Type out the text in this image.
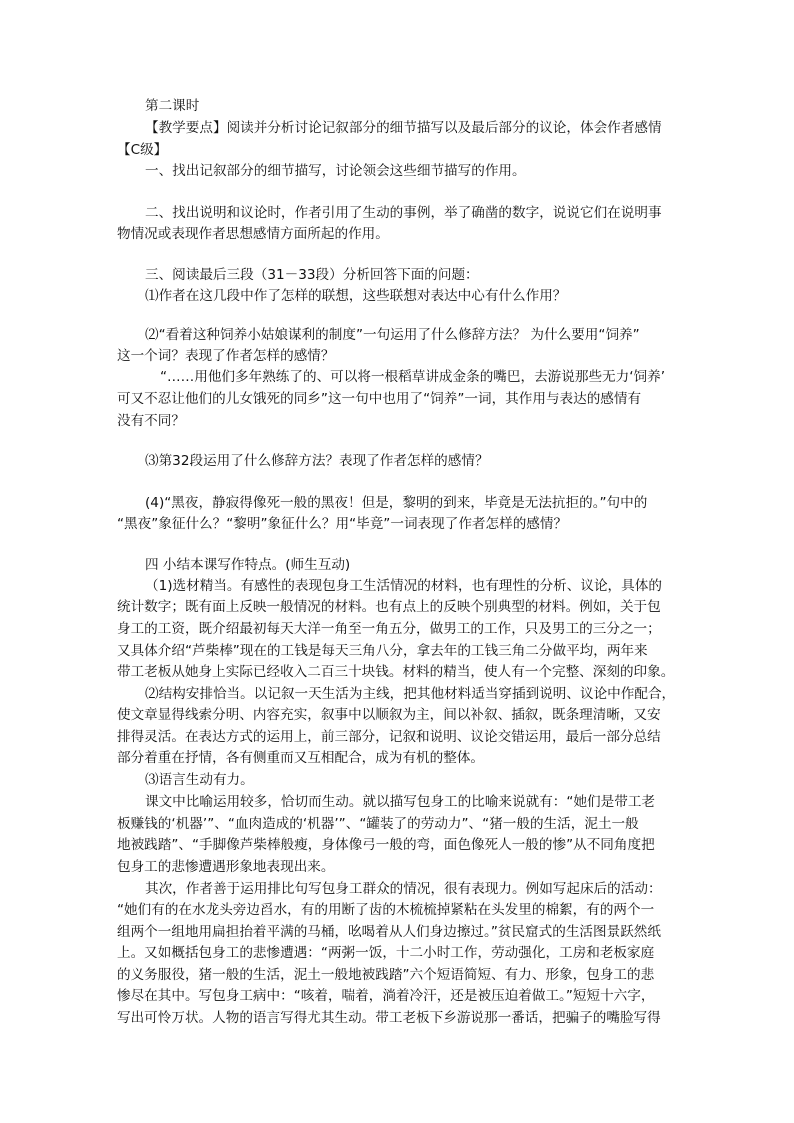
第二课时
【教学要点】阅读并分析讨论记叙部分的细节描写以及最后部分的议论，体会作者感情
【C级】
一、找出记叙部分的细节描写，讨论领会这些细节描写的作用。
二、找出说明和议论时，作者引用了生动的事例，举了确凿的数字，说说它们在说明事
物情况或表现作者思想感情方面所起的作用。
三、阅读最后三段（31－33段）分析回答下面的问题：
⑴作者在这几段中作了怎样的联想，这些联想对表达中心有什么作用？
⑵“看着这种饲养小姑娘谋利的制度”一句运用了什么修辞方法？ 为什么要用“饲养”
这一个词？表现了作者怎样的感情？
“……用他们多年熟练了的、可以将一根稻草讲成金条的嘴巴，去游说那些无力‘饲养’
可又不忍让他们的儿女饿死的同乡”这一句中也用了“饲养”一词，其作用与表达的感情有
没有不同？
⑶第32段运用了什么修辞方法？表现了作者怎样的感情？
(4)“黑夜，静寂得像死一般的黑夜！但是，黎明的到来，毕竟是无法抗拒的。”句中的
“黑夜”象征什么？“黎明”象征什么？用“毕竟”一词表现了作者怎样的感情？
四 小结本课写作特点。(师生互动)
（1)选材精当。有感性的表现包身工生活情况的材料，也有理性的分析、议论，具体的
统计数字；既有面上反映一般情况的材料。也有点上的反映个别典型的材料。例如，关于包
身工的工资，既介绍最初每天大洋一角至一角五分，做男工的工作，只及男工的三分之一；
又具体介绍“芦柴棒”现在的工钱是每天三角八分，拿去年的工钱三角二分做平均，两年来
带工老板从她身上实际已经收入二百三十块钱。材料的精当，使人有一个完整、深刻的印象。
⑵结构安排恰当。以记叙一天生活为主线，把其他材料适当穿插到说明、议论中作配合，
使文章显得线索分明、内容充实，叙事中以顺叙为主，间以补叙、插叙，既条理清晰，又安
排得灵活。在表达方式的运用上，前三部分，记叙和说明、议论交错运用，最后一部分总结
部分着重在抒情，各有侧重而又互相配合，成为有机的整体。
⑶语言生动有力。
课文中比喻运用较多，恰切而生动。就以描写包身工的比喻来说就有：“她们是带工老
板赚钱的‘机器’”、“血肉造成的‘机器’”、“罐装了的劳动力”、“猪一般的生活，泥土一般
地被践踏”、“手脚像芦柴棒般瘦，身体像弓一般的弯，面色像死人一般的惨”从不同角度把
包身工的悲惨遭遇形象地表现出来。
其次，作者善于运用排比句写包身工群众的情况，很有表现力。例如写起床后的活动：
“她们有的在水龙头旁边舀水，有的用断了齿的木梳梳掉紧粘在头发里的棉絮，有的两个一
组两个一组地用扁担抬着平满的马桶，吆喝着从人们身边擦过。”贫民窟式的生活图景跃然纸
上。又如概括包身工的悲惨遭遇：“两粥一饭，十二小时工作，劳动强化，工房和老板家庭
的义务服役，猪一般的生活，泥土一般地被践踏”六个短语简短、有力、形象，包身工的悲
惨尽在其中。写包身工病中：“咳着，喘着，淌着冷汗，还是被压迫着做工。”短短十六字，
写出可怜万状。人物的语言写得尤其生动。带工老板下乡游说那一番话，把骗子的嘴脸写得
